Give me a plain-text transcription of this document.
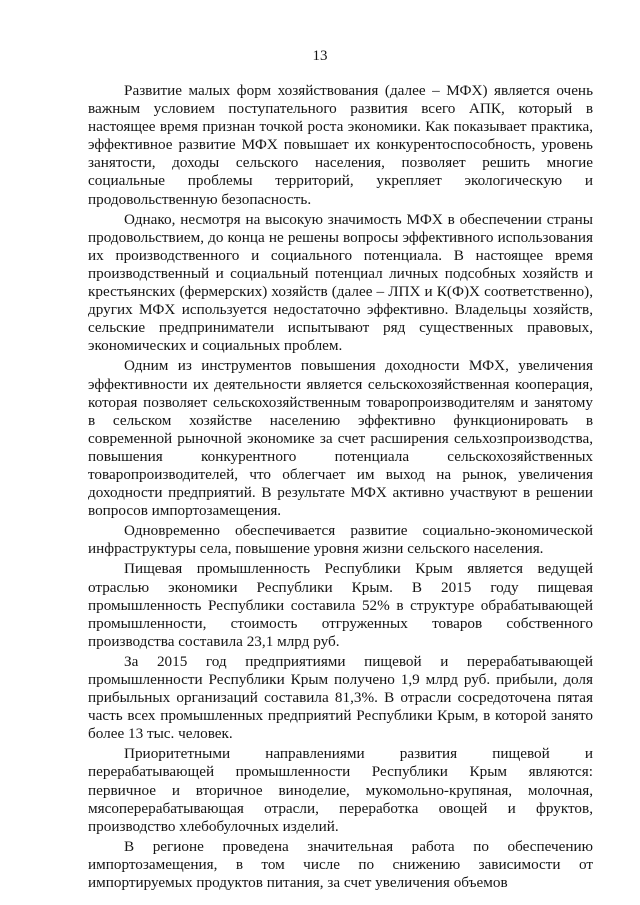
13

Развитие малых форм хозяйствования (далее – МФХ) является очень важным условием поступательного развития всего АПК, который в настоящее время признан точкой роста экономики. Как показывает практика, эффективное развитие МФХ повышает их конкурентоспособность, уровень занятости, доходы сельского населения, позволяет решить многие социальные проблемы территорий, укрепляет экологическую и продовольственную безопасность.

Однако, несмотря на высокую значимость МФХ в обеспечении страны продовольствием, до конца не решены вопросы эффективного использования их производственного и социального потенциала. В настоящее время производственный и социальный потенциал личных подсобных хозяйств и крестьянских (фермерских) хозяйств (далее – ЛПХ и К(Ф)Х соответственно), других МФХ используется недостаточно эффективно. Владельцы хозяйств, сельские предприниматели испытывают ряд существенных правовых, экономических и социальных проблем.

Одним из инструментов повышения доходности МФХ, увеличения эффективности их деятельности является сельскохозяйственная кооперация, которая позволяет сельскохозяйственным товаропроизводителям и занятому в сельском хозяйстве населению эффективно функционировать в современной рыночной экономике за счет расширения сельхозпроизводства, повышения конкурентного потенциала сельскохозяйственных товаропроизводителей, что облегчает им выход на рынок, увеличения доходности предприятий. В результате МФХ активно участвуют в решении вопросов импортозамещения.

Одновременно обеспечивается развитие социально-экономической инфраструктуры села, повышение уровня жизни сельского населения.

Пищевая промышленность Республики Крым является ведущей отраслью экономики Республики Крым. В 2015 году пищевая промышленность Республики составила 52% в структуре обрабатывающей промышленности, стоимость отгруженных товаров собственного производства составила 23,1 млрд руб.

За 2015 год предприятиями пищевой и перерабатывающей промышленности Республики Крым получено 1,9 млрд руб. прибыли, доля прибыльных организаций составила 81,3%. В отрасли сосредоточена пятая часть всех промышленных предприятий Республики Крым, в которой занято более 13 тыс. человек.

Приоритетными направлениями развития пищевой и перерабатывающей промышленности Республики Крым являются: первичное и вторичное виноделие, мукомольно-крупяная, молочная, мясоперерабатывающая отрасли, переработка овощей и фруктов, производство хлебобулочных изделий.

В регионе проведена значительная работа по обеспечению импортозамещения, в том числе по снижению зависимости от импортируемых продуктов питания, за счет увеличения объемов
